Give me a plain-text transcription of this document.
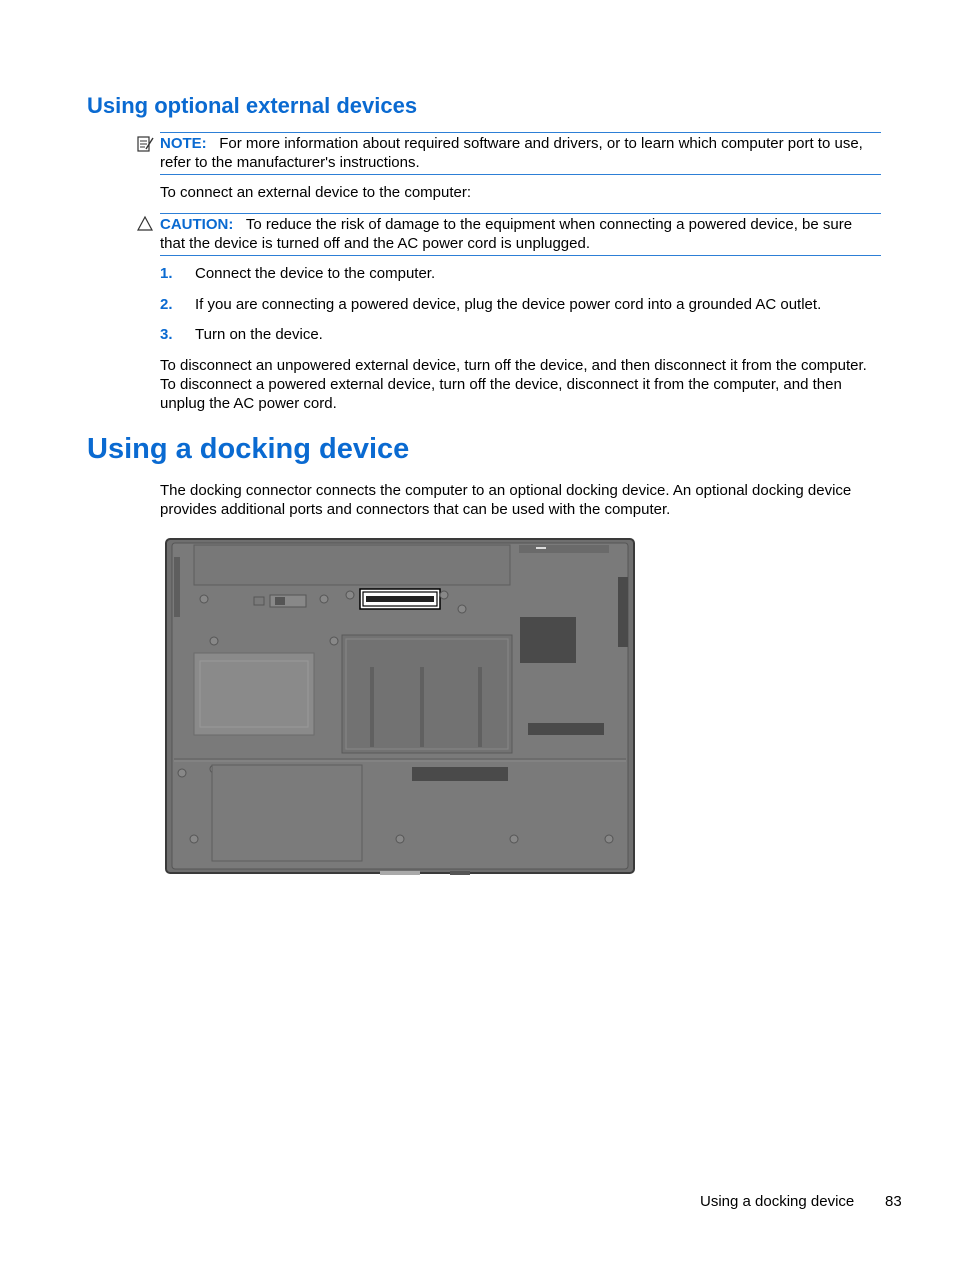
Using optional external devices
NOTE: For more information about required software and drivers, or to learn which computer port to use, refer to the manufacturer's instructions.
To connect an external device to the computer:
CAUTION: To reduce the risk of damage to the equipment when connecting a powered device, be sure that the device is turned off and the AC power cord is unplugged.
1. Connect the device to the computer.
2. If you are connecting a powered device, plug the device power cord into a grounded AC outlet.
3. Turn on the device.
To disconnect an unpowered external device, turn off the device, and then disconnect it from the computer. To disconnect a powered external device, turn off the device, disconnect it from the computer, and then unplug the AC power cord.
Using a docking device
The docking connector connects the computer to an optional docking device. An optional docking device provides additional ports and connectors that can be used with the computer.
Using a docking device 83
